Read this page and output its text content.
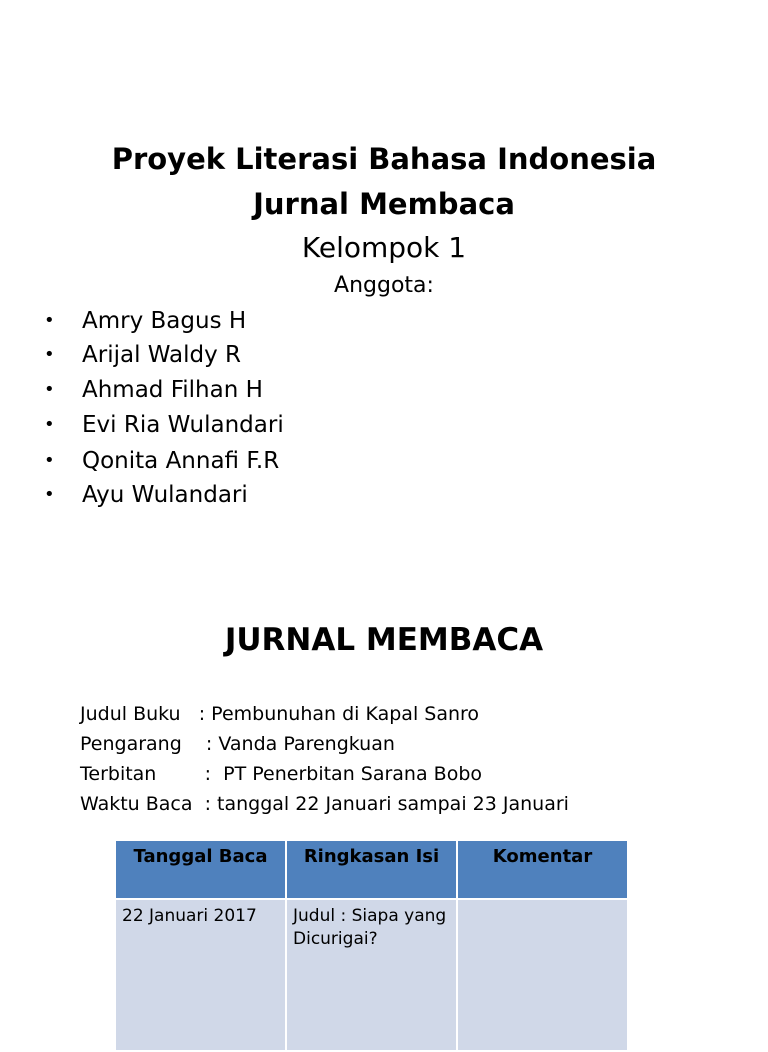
Proyek Literasi Bahasa Indonesia
Jurnal Membaca
Kelompok 1
Anggota:
• Amry Bagus H
• Arijal Waldy R
• Ahmad Filhan H
• Evi Ria Wulandari
• Qonita Annafi F.R
• Ayu Wulandari
JURNAL MEMBACA
Judul Buku   : Pembunuhan di Kapal Sanro
Pengarang    : Vanda Parengkuan
Terbitan        :  PT Penerbitan Sarana Bobo
Waktu Baca  : tanggal 22 Januari sampai 23 Januari
Tanggal Baca	Ringkasan Isi	Komentar
22 Januari 2017	Judul : Siapa yang Dicurigai?	
